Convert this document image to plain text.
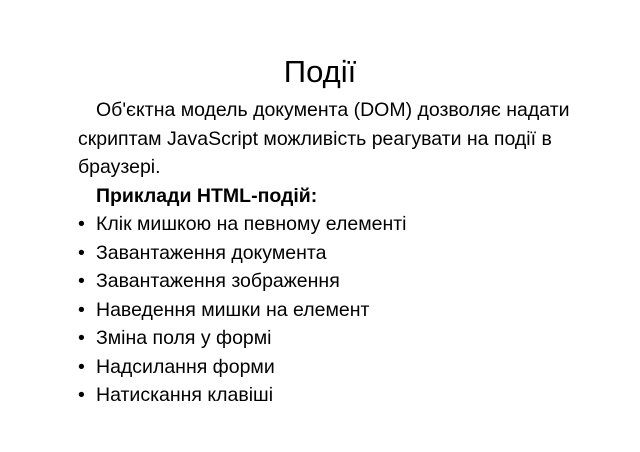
Події
Об'єктна модель документа (DOM) дозволяє надати скриптам JavaScript можливість реагувати на події в браузері.
Приклади HTML-подій:
• Клік мишкою на певному елементі
• Завантаження документа
• Завантаження зображення
• Наведення мишки на елемент
• Зміна поля у формі
• Надсилання форми
• Натискання клавіші
